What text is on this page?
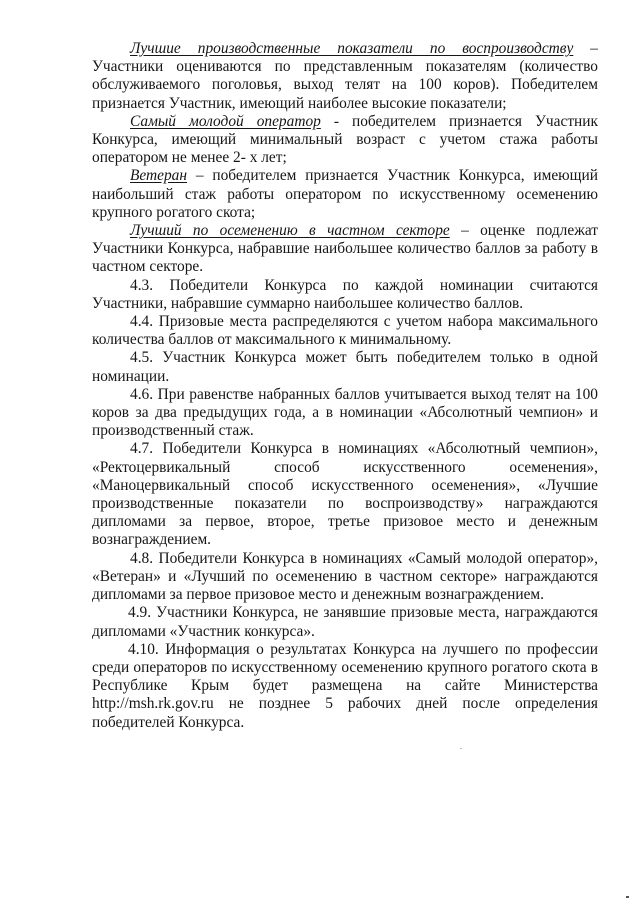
Лучшие производственные показатели по воспроизводству – Участники оцениваются по представленным показателям (количество обслуживаемого поголовья, выход телят на 100 коров). Победителем признается Участник, имеющий наиболее высокие показатели;

Самый молодой оператор - победителем признается Участник Конкурса, имеющий минимальный возраст с учетом стажа работы оператором не менее 2- х лет;

Ветеран – победителем признается Участник Конкурса, имеющий наибольший стаж работы оператором по искусственному осеменению крупного рогатого скота;

Лучший по осеменению в частном секторе – оценке подлежат Участники Конкурса, набравшие наибольшее количество баллов за работу в частном секторе.

4.3. Победители Конкурса по каждой номинации считаются Участники, набравшие суммарно наибольшее количество баллов.

4.4. Призовые места распределяются с учетом набора максимального количества баллов от максимального к минимальному.

4.5. Участник Конкурса может быть победителем только в одной номинации.

4.6. При равенстве набранных баллов учитывается выход телят на 100 коров за два предыдущих года, а в номинации «Абсолютный чемпион» и производственный стаж.

4.7. Победители Конкурса в номинациях «Абсолютный чемпион», «Ректоцервикальный способ искусственного осеменения», «Маноцервикальный способ искусственного осеменения», «Лучшие производственные показатели по воспроизводству» награждаются дипломами за первое, второе, третье призовое место и денежным вознаграждением.

4.8. Победители Конкурса в номинациях «Самый молодой оператор», «Ветеран» и «Лучший по осеменению в частном секторе» награждаются дипломами за первое призовое место и денежным вознаграждением.

4.9. Участники Конкурса, не занявшие призовые места, награждаются дипломами «Участник конкурса».

4.10. Информация о результатах Конкурса на лучшего по профессии среди операторов по искусственному осеменению крупного рогатого скота в Республике Крым будет размещена на сайте Министерства http://msh.rk.gov.ru не позднее 5 рабочих дней после определения победителей Конкурса.
